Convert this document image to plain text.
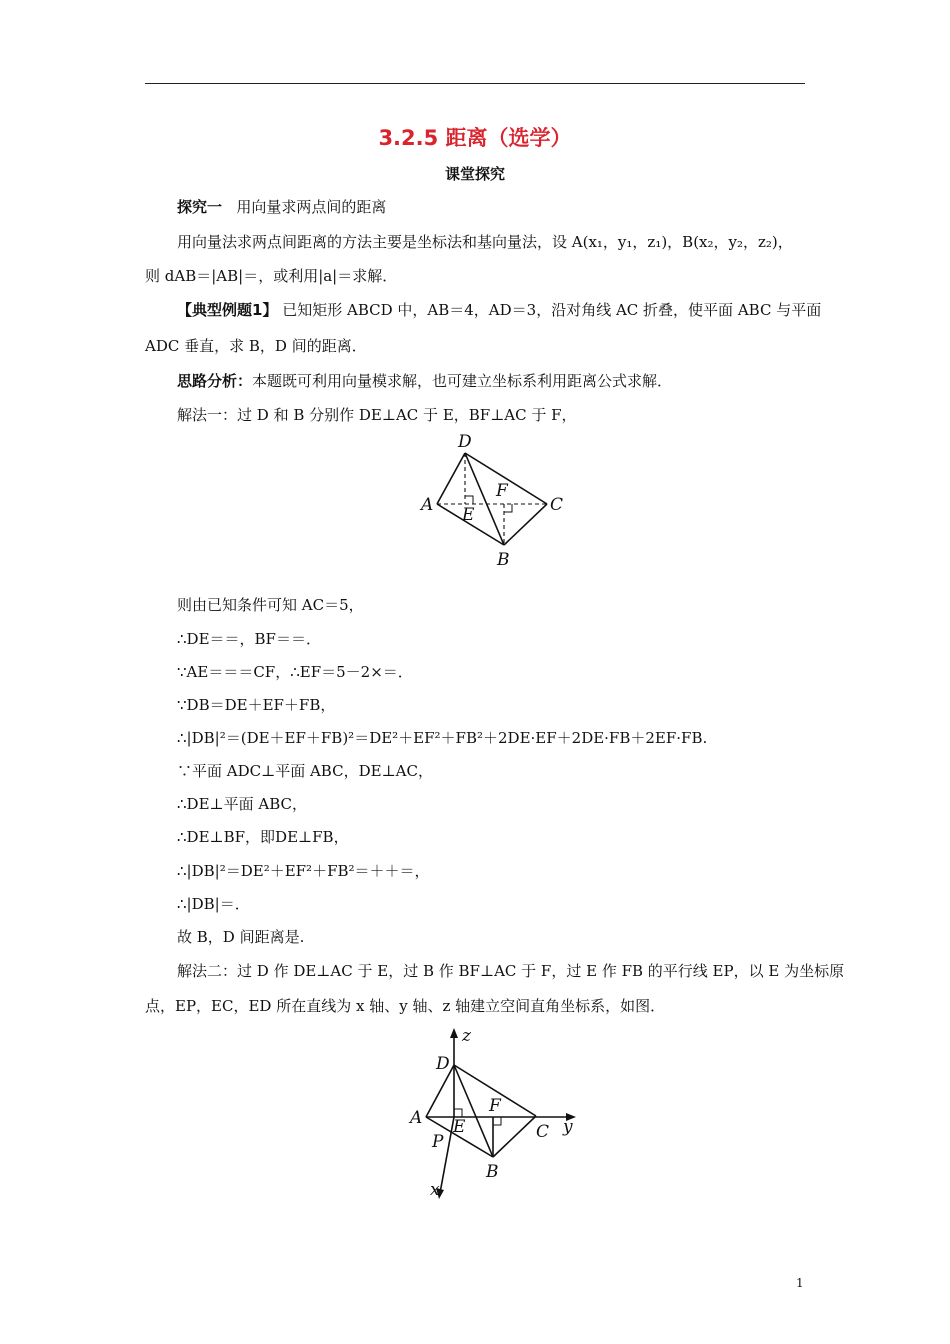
3.2.5 距离（选学）
课堂探究
探究一 用向量求两点间的距离
用向量法求两点间距离的方法主要是坐标法和基向量法，设 A(x₁，y₁，z₁)，B(x₂，y₂，z₂)，
则 dAB＝|AB|＝，或利用|a|＝求解．
【典型例题1】 已知矩形 ABCD 中，AB＝4，AD＝3，沿对角线 AC 折叠，使平面 ABC 与平面
ADC 垂直，求 B，D 间的距离．
思路分析：本题既可利用向量模求解，也可建立坐标系利用距离公式求解．
解法一：过 D 和 B 分别作 DE⊥AC 于 E，BF⊥AC 于 F，
D
A	C
B
E
F
则由已知条件可知 AC＝5，
∴DE＝＝，BF＝＝．
∵AE＝＝＝CF，∴EF＝5－2×＝．
∵DB＝DE＋EF＋FB，
∴|DB|²＝(DE＋EF＋FB)²＝DE²＋EF²＋FB²＋2DE·EF＋2DE·FB＋2EF·FB.
∵平面 ADC⊥平面 ABC，DE⊥AC，
∴DE⊥平面 ABC，
∴DE⊥BF，即DE⊥FB，
∴|DB|²＝DE²＋EF²＋FB²＝＋＋＝，
∴|DB|＝．
故 B，D 间距离是.
解法二：过 D 作 DE⊥AC 于 E，过 B 作 BF⊥AC 于 F，过 E 作 FB 的平行线 EP，以 E 为坐标原
点，EP，EC，ED 所在直线为 x 轴、y 轴、z 轴建立空间直角坐标系，如图．
z
D
A E
F
C y
P
B
x
1
